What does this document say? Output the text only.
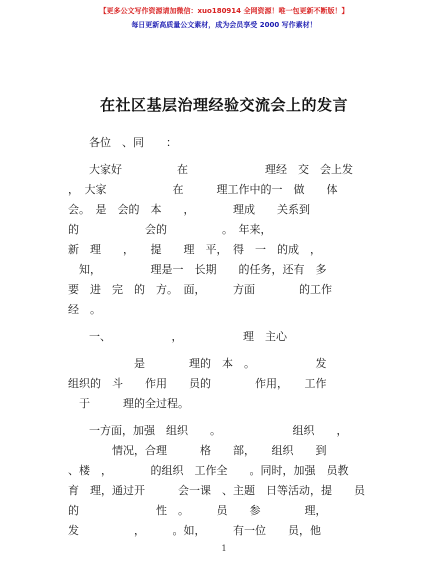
【更多公文写作资源请加微信：xuo180914 全网资源！唯一包更新不断版！】
每日更新高质量公文素材，成为会员享受 2000 写作素材！
在社区基层治理经验交流会上的发言
各位　、同　　：
大家好　　　　　在　　　　　　　理经　交　会上发
，　大家　　　　　　在　　　理工作中的一　做　　体
会。　是　会的　本　　，　　　　理成　　关系到
的　　　　　　会的　　　　　。　年来，
新　理　　，　　提　　理　平，　得　一　的成　，
　知，　　　　　理是一　长期　　的任务，还有　多
要　进　完　的　方。　面，　　　方面　　　　的工作
经　。
一、　　　　　　，　　　　　　理　主心
　　　　　　是　　　　理的　本　。　　　　　　发
组织的　斗　　作用　　员的　　　　作用，　　工作
　于　　　理的全过程。
一方面，加强　组织　　。　　　　　　　组织　　，
　　　　情况，合理　　　格　　部，　　组织　　到
、楼　，　　　　的组织　工作全　　。同时，加强　员教
育　理，通过开　　　会一课　、主题　日等活动，提　　员
的　　　　　　　性　。　　　员　　参　　　　理，
发　　　　　，　　　。如，　　　有一位　　员，他
1
